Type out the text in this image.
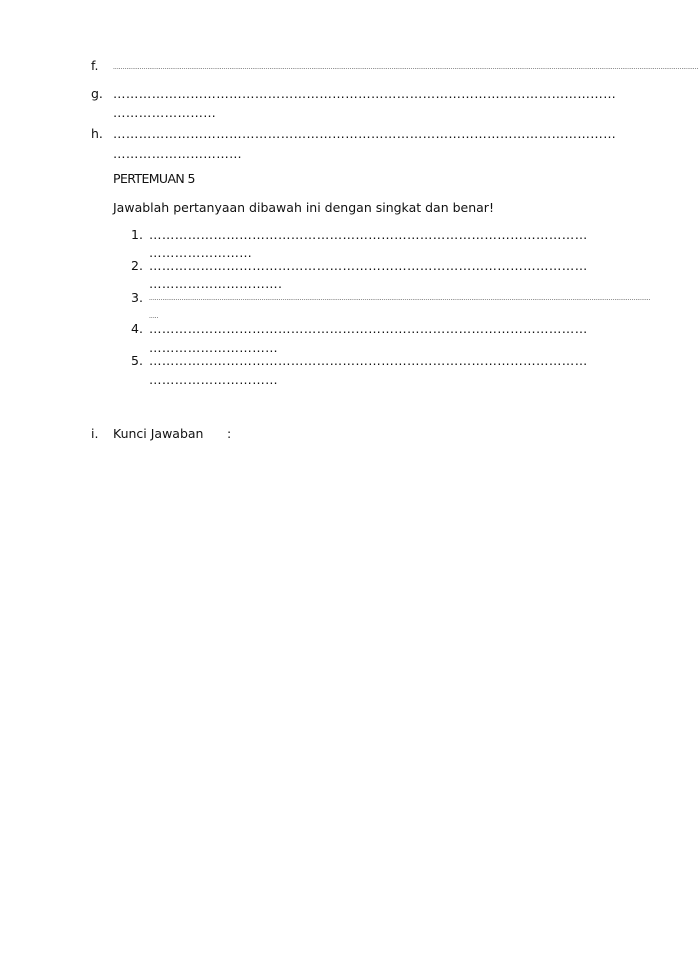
f. ...................................................................................................................................................................................................................................................................................................................
g. ………………………………………………………………………………………………………
……………………
h. ………………………………………………………………………………………………………
…………………………
PERTEMUAN 5
Jawablah pertanyaan dibawah ini dengan singkat dan benar!
1. …………………………………………………………………………………………
……………………
2. …………………………………………………………………………………………
………………………….
3. .......................................................................................................................................................................................................................................................................
.....
4. …………………………………………………………………………………………
…………………………
5. …………………………………………………………………………………………
…………………………
i. Kunci Jawaban :
